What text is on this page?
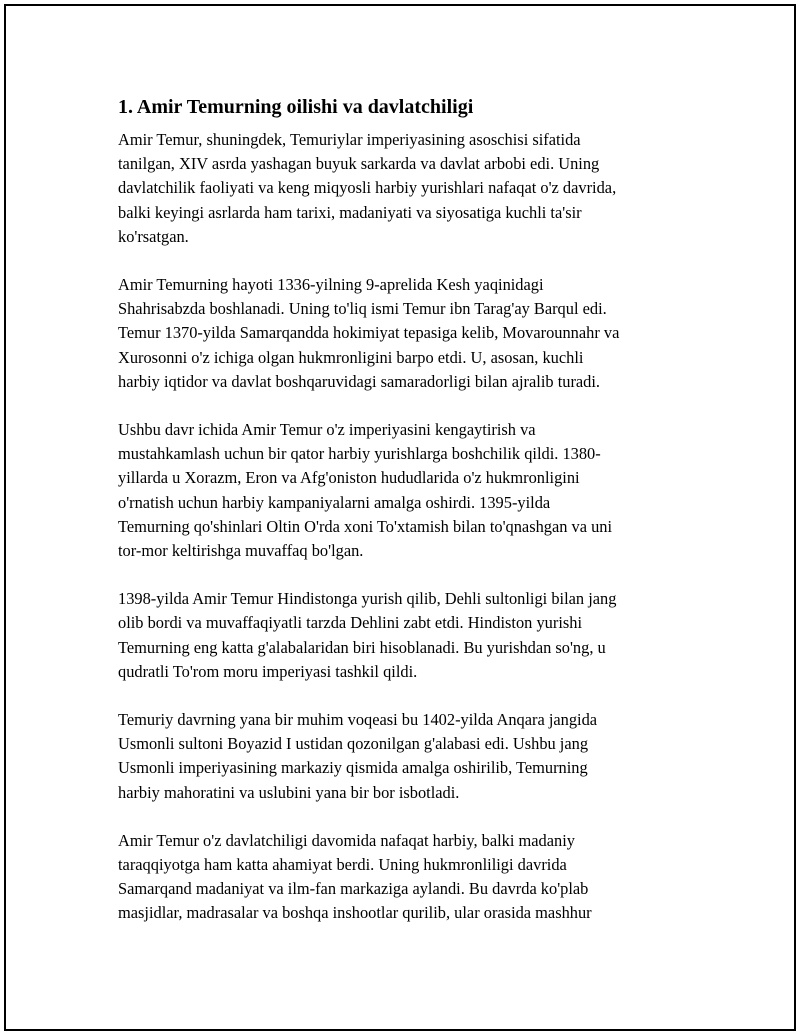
1. Amir Temurning oilishi va davlatchiligi
Amir Temur, shuningdek, Temuriylar imperiyasining asoschisi sifatida
tanilgan, XIV asrda yashagan buyuk sarkarda va davlat arbobi edi. Uning
davlatchilik faoliyati va keng miqyosli harbiy yurishlari nafaqat o'z davrida,
balki keyingi asrlarda ham tarixi, madaniyati va siyosatiga kuchli ta'sir
ko'rsatgan.
Amir Temurning hayoti 1336-yilning 9-aprelida Kesh yaqinidagi
Shahrisabzda boshlanadi. Uning to'liq ismi Temur ibn Tarag'ay Barqul edi.
Temur 1370-yilda Samarqandda hokimiyat tepasiga kelib, Movarounnahr va
Xurosonni o'z ichiga olgan hukmronligini barpo etdi. U, asosan, kuchli
harbiy iqtidor va davlat boshqaruvidagi samaradorligi bilan ajralib turadi.
Ushbu davr ichida Amir Temur o'z imperiyasini kengaytirish va
mustahkamlash uchun bir qator harbiy yurishlarga boshchilik qildi. 1380-
yillarda u Xorazm, Eron va Afg'oniston hududlarida o'z hukmronligini
o'rnatish uchun harbiy kampaniyalarni amalga oshirdi. 1395-yilda
Temurning qo'shinlari Oltin O'rda xoni To'xtamish bilan to'qnashgan va uni
tor-mor keltirishga muvaffaq bo'lgan.
1398-yilda Amir Temur Hindistonga yurish qilib, Dehli sultonligi bilan jang
olib bordi va muvaffaqiyatli tarzda Dehlini zabt etdi. Hindiston yurishi
Temurning eng katta g'alabalaridan biri hisoblanadi. Bu yurishdan so'ng, u
qudratli To'rom moru imperiyasi tashkil qildi.
Temuriy davrning yana bir muhim voqeasi bu 1402-yilda Anqara jangida
Usmonli sultoni Boyazid I ustidan qozonilgan g'alabasi edi. Ushbu jang
Usmonli imperiyasining markaziy qismida amalga oshirilib, Temurning
harbiy mahoratini va uslubini yana bir bor isbotladi.
Amir Temur o'z davlatchiligi davomida nafaqat harbiy, balki madaniy
taraqqiyotga ham katta ahamiyat berdi. Uning hukmronliligi davrida
Samarqand madaniyat va ilm-fan markaziga aylandi. Bu davrda ko'plab
masjidlar, madrasalar va boshqa inshootlar qurilib, ular orasida mashhur
